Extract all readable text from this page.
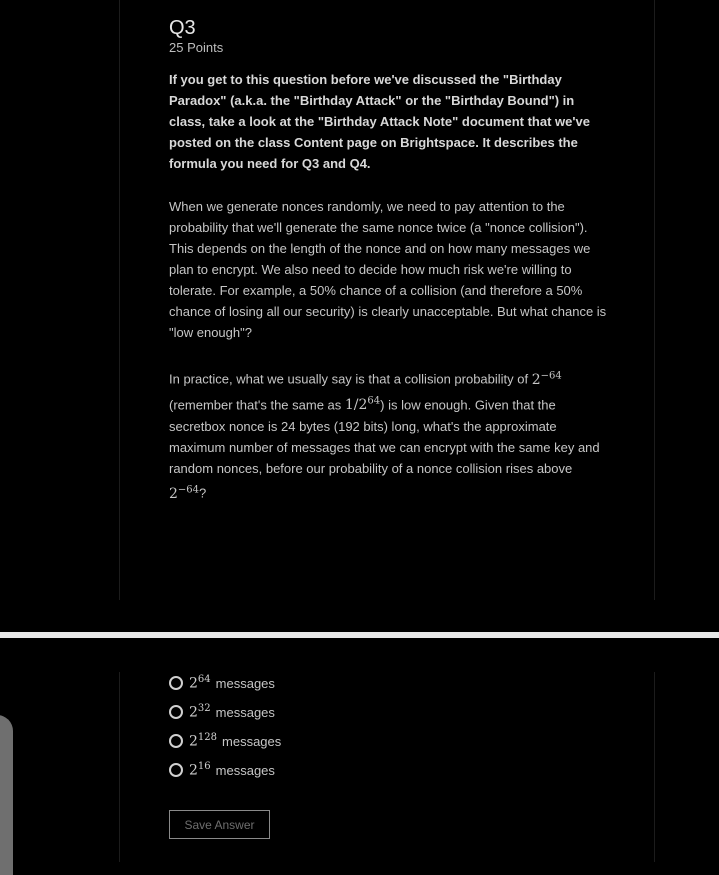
Q3
25 Points
If you get to this question before we've discussed the "Birthday Paradox" (a.k.a. the "Birthday Attack" or the "Birthday Bound") in class, take a look at the "Birthday Attack Note" document that we've posted on the class Content page on Brightspace. It describes the formula you need for Q3 and Q4.
When we generate nonces randomly, we need to pay attention to the probability that we'll generate the same nonce twice (a "nonce collision"). This depends on the length of the nonce and on how many messages we plan to encrypt. We also need to decide how much risk we're willing to tolerate. For example, a 50% chance of a collision (and therefore a 50% chance of losing all our security) is clearly unacceptable. But what chance is "low enough"?
In practice, what we usually say is that a collision probability of $2^{-64}$ (remember that's the same as $1/2^{64}$) is low enough. Given that the secretbox nonce is 24 bytes (192 bits) long, what's the approximate maximum number of messages that we can encrypt with the same key and random nonces, before our probability of a nonce collision rises above $2^{-64}$?
$2^{64}$ messages
$2^{32}$ messages
$2^{128}$ messages
$2^{16}$ messages
Save Answer
